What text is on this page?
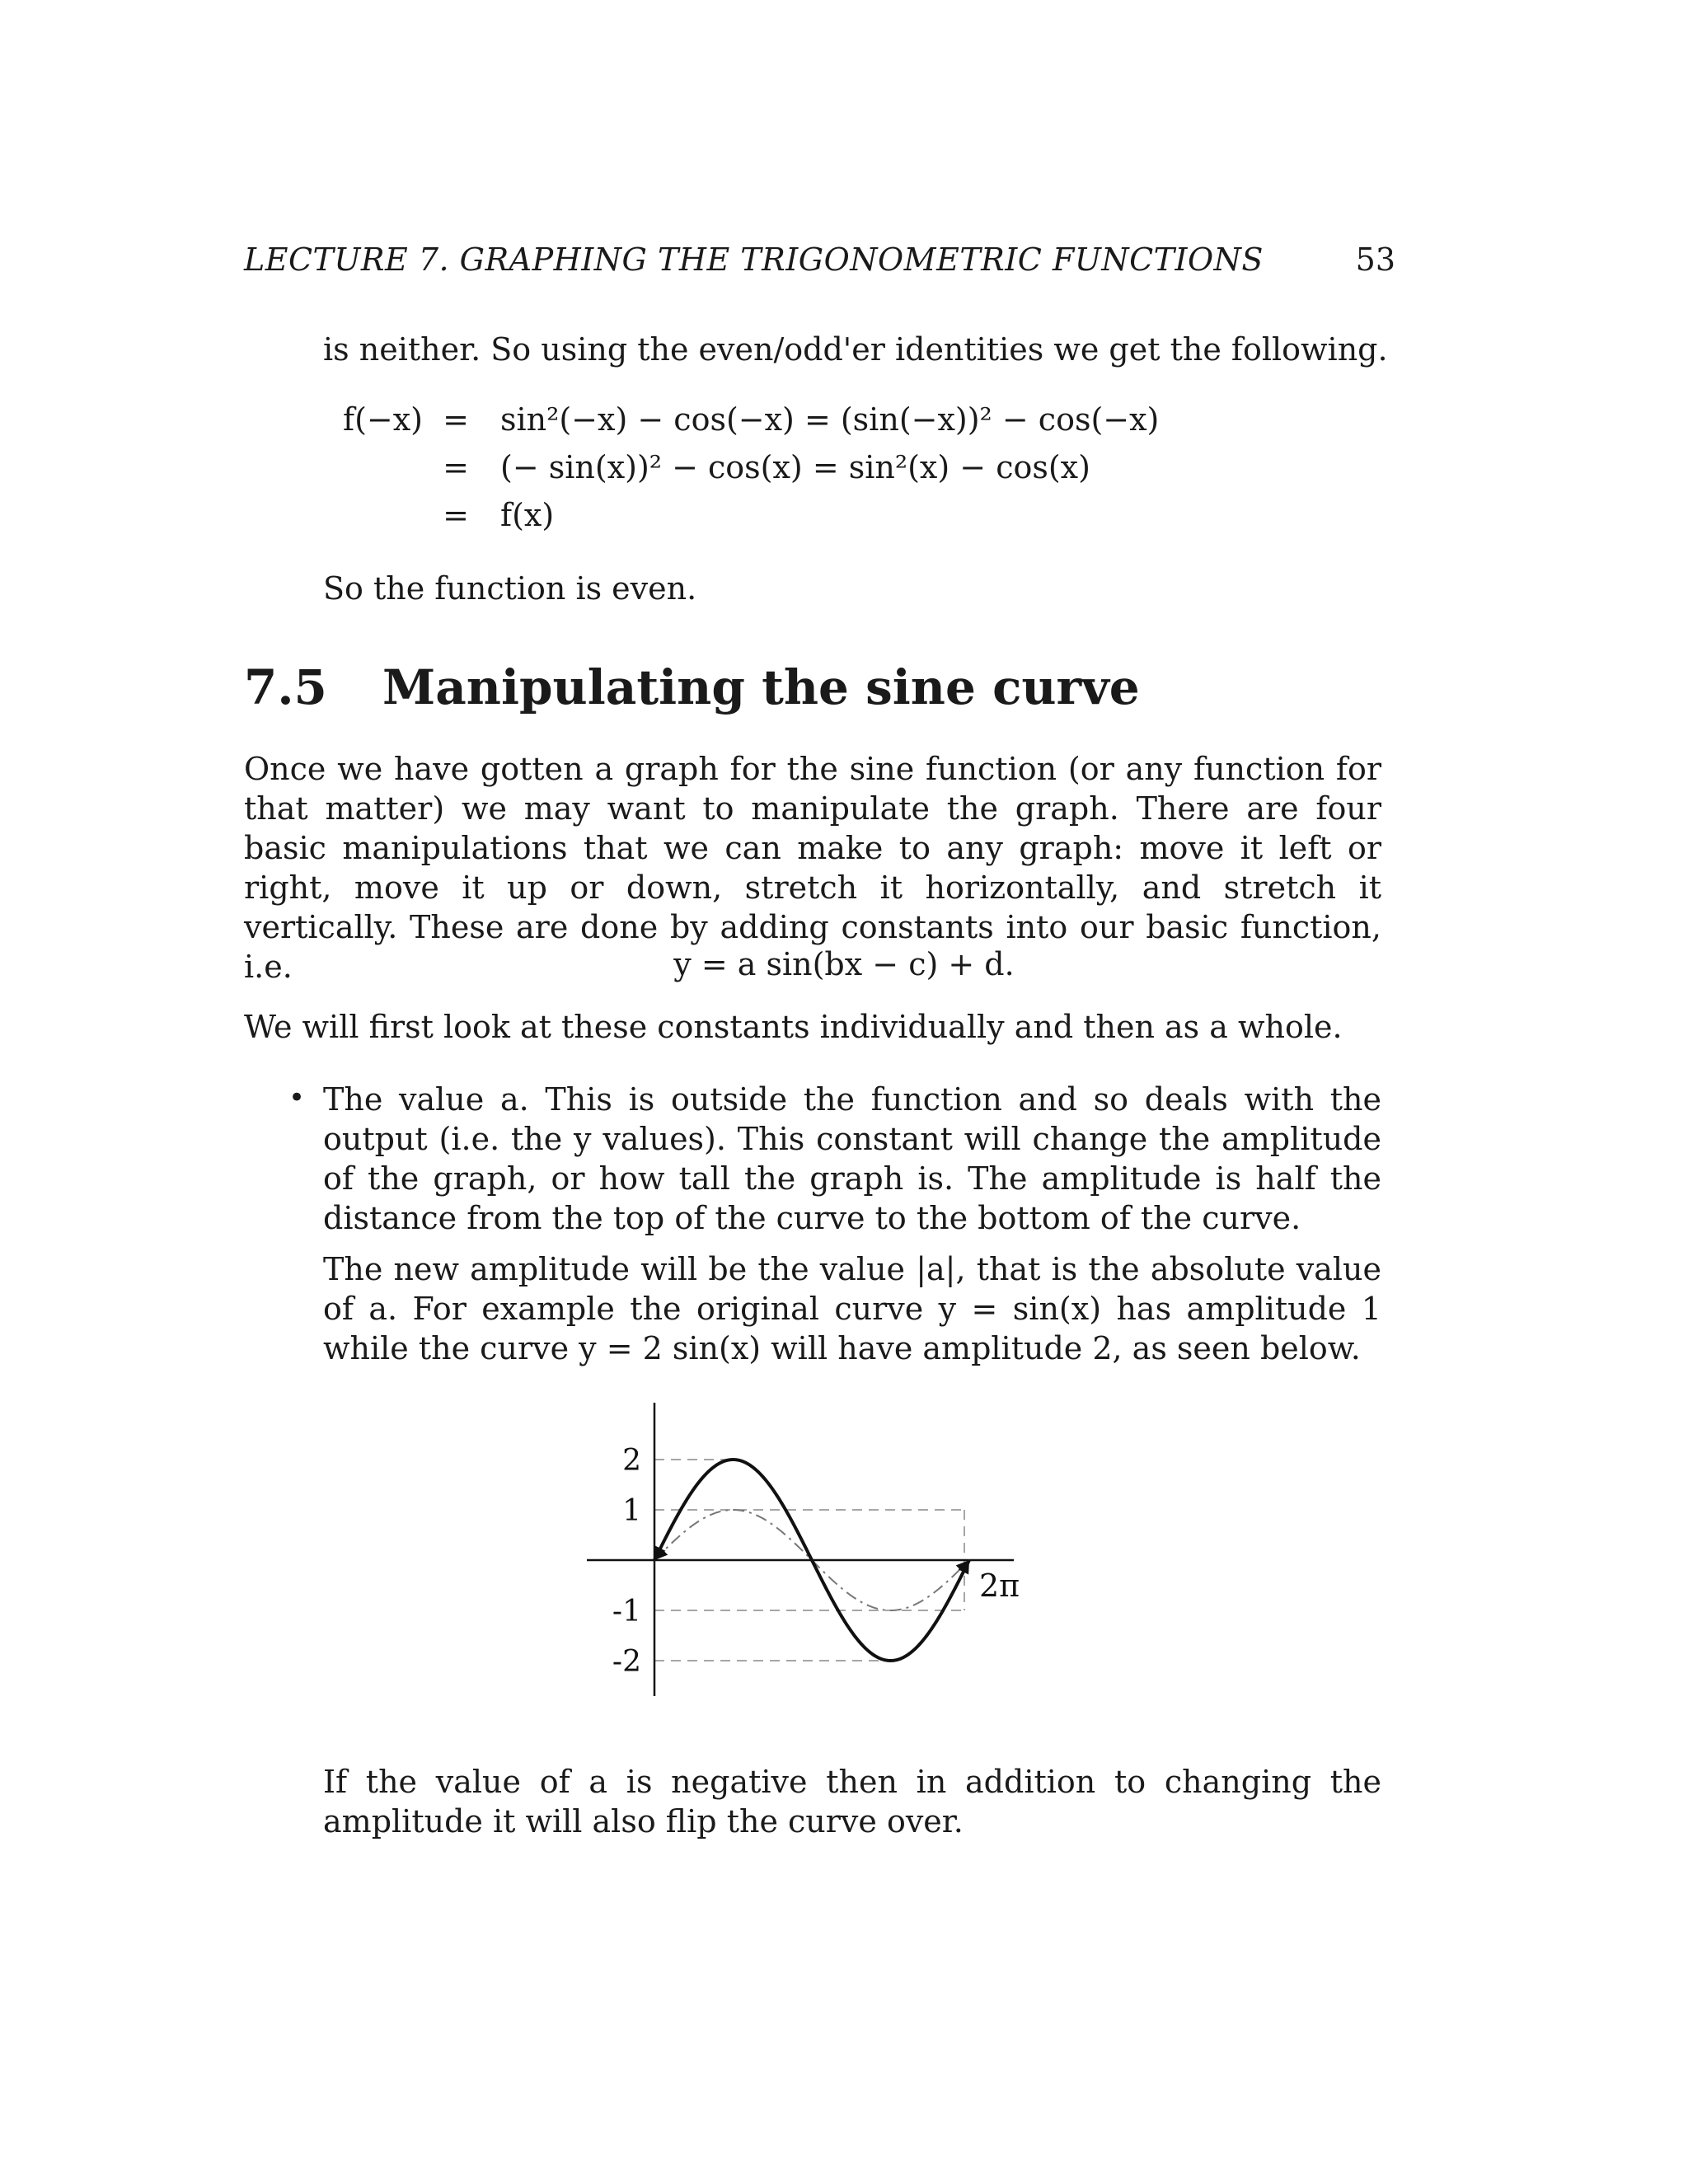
LECTURE 7. GRAPHING THE TRIGONOMETRIC FUNCTIONS	53
is neither. So using the even/odd'er identities we get the following.
f(−x) = sin²(−x) − cos(−x) = (sin(−x))² − cos(−x)
= (− sin(x))² − cos(x) = sin²(x) − cos(x)
= f(x)
So the function is even.
7.5 Manipulating the sine curve
Once we have gotten a graph for the sine function (or any function for that matter) we may want to manipulate the graph. There are four basic manipulations that we can make to any graph: move it left or right, move it up or down, stretch it horizontally, and stretch it vertically. These are done by adding constants into our basic function, i.e.	y = a sin(bx − c) + d.
We will first look at these constants individually and then as a whole.
• The value a. This is outside the function and so deals with the output (i.e. the y values). This constant will change the amplitude of the graph, or how tall the graph is. The amplitude is half the distance from the top of the curve to the bottom of the curve.
The new amplitude will be the value |a|, that is the absolute value of a. For example the original curve y = sin(x) has amplitude 1 while the curve y = 2 sin(x) will have amplitude 2, as seen below.
2
1
-1
-2
2π
If the value of a is negative then in addition to changing the amplitude it will also flip the curve over.
